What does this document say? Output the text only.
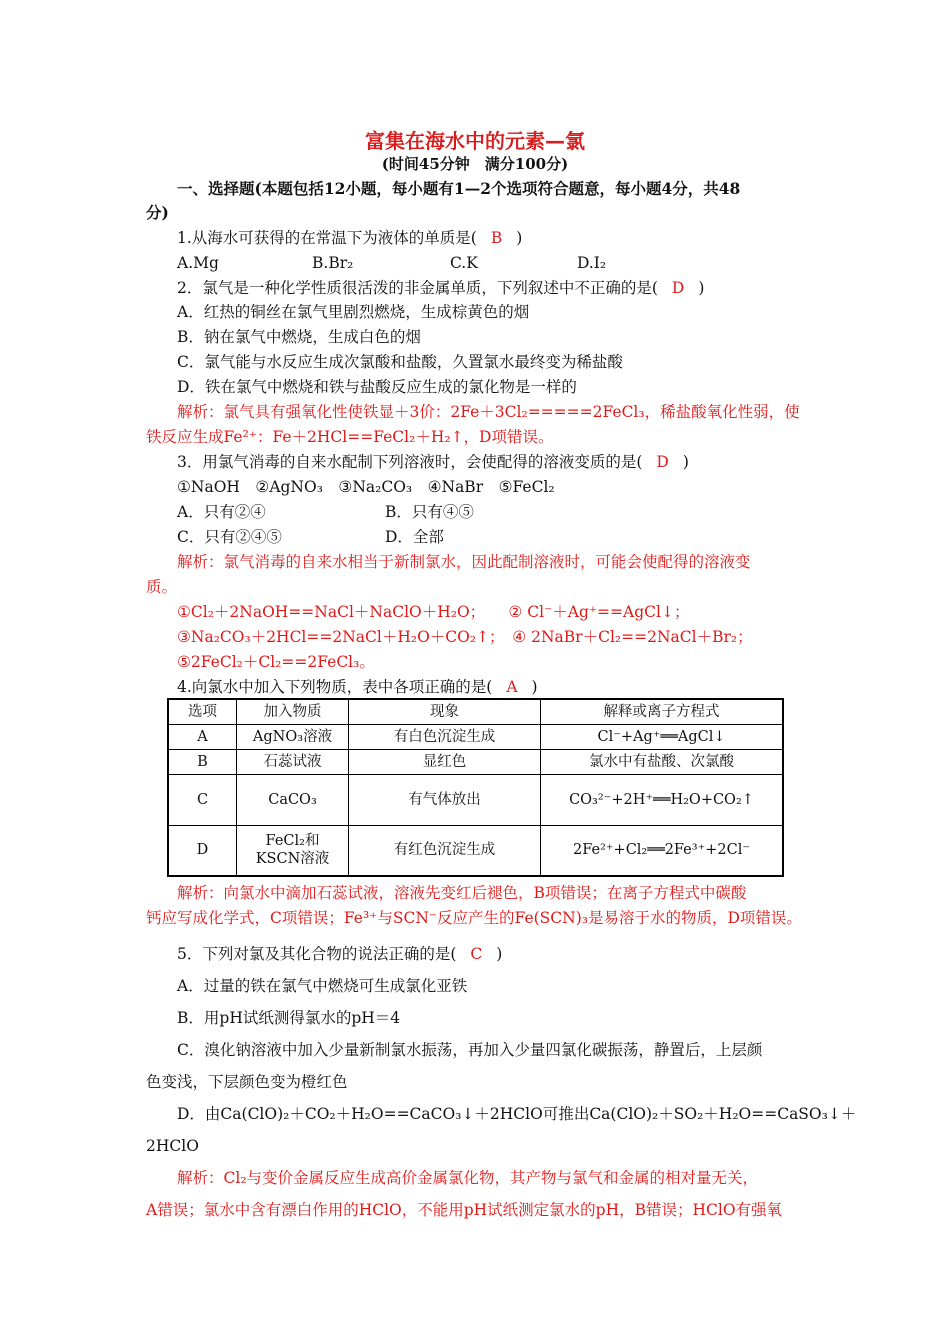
富集在海水中的元素—氯
(时间45分钟　满分100分)
一、选择题(本题包括12小题，每小题有1—2个选项符合题意，每小题4分，共48
分)
1.从海水可获得的在常温下为液体的单质是( B )
A.Mg	B.Br₂	C.K	D.I₂
2．氯气是一种化学性质很活泼的非金属单质，下列叙述中不正确的是( D )
A．红热的铜丝在氯气里剧烈燃烧，生成棕黄色的烟
B．钠在氯气中燃烧，生成白色的烟
C．氯气能与水反应生成次氯酸和盐酸，久置氯水最终变为稀盐酸
D．铁在氯气中燃烧和铁与盐酸反应生成的氯化物是一样的
解析：氯气具有强氧化性使铁显＋3价：2Fe＋3Cl₂=====2FeCl₃，稀盐酸氧化性弱，使
铁反应生成Fe²⁺：Fe＋2HCl==FeCl₂＋H₂↑，D项错误。
3．用氯气消毒的自来水配制下列溶液时，会使配得的溶液变质的是( D )
①NaOH　②AgNO₃　③Na₂CO₃　④NaBr　⑤FeCl₂
A．只有②④	B．只有④⑤
C．只有②④⑤	D．全部
解析：氯气消毒的自来水相当于新制氯水，因此配制溶液时，可能会使配得的溶液变
质。
①Cl₂＋2NaOH==NaCl＋NaClO＋H₂O；　　② Cl⁻＋Ag⁺==AgCl↓；
③Na₂CO₃＋2HCl==2NaCl＋H₂O＋CO₂↑；　④ 2NaBr＋Cl₂==2NaCl＋Br₂；
⑤2FeCl₂＋Cl₂==2FeCl₃。
4.向氯水中加入下列物质，表中各项正确的是( A )
选项	加入物质	现象	解释或离子方程式
A	AgNO₃溶液	有白色沉淀生成	Cl⁻+Ag⁺══AgCl↓
B	石蕊试液	显红色	氯水中有盐酸、次氯酸
C	CaCO₃	有气体放出	CO₃²⁻+2H⁺══H₂O+CO₂↑
D	FeCl₂和KSCN溶液	有红色沉淀生成	2Fe²⁺+Cl₂══2Fe³⁺+2Cl⁻
解析：向氯水中滴加石蕊试液，溶液先变红后褪色，B项错误；在离子方程式中碳酸
钙应写成化学式，C项错误；Fe³⁺与SCN⁻反应产生的Fe(SCN)₃是易溶于水的物质，D项错误。
5．下列对氯及其化合物的说法正确的是( C )
A．过量的铁在氯气中燃烧可生成氯化亚铁
B．用pH试纸测得氯水的pH＝4
C．溴化钠溶液中加入少量新制氯水振荡，再加入少量四氯化碳振荡，静置后，上层颜
色变浅，下层颜色变为橙红色
D．由Ca(ClO)₂＋CO₂＋H₂O==CaCO₃↓＋2HClO可推出Ca(ClO)₂＋SO₂＋H₂O==CaSO₃↓＋
2HClO
解析：Cl₂与变价金属反应生成高价金属氯化物，其产物与氯气和金属的相对量无关，
A错误；氯水中含有漂白作用的HClO，不能用pH试纸测定氯水的pH，B错误；HClO有强氧
